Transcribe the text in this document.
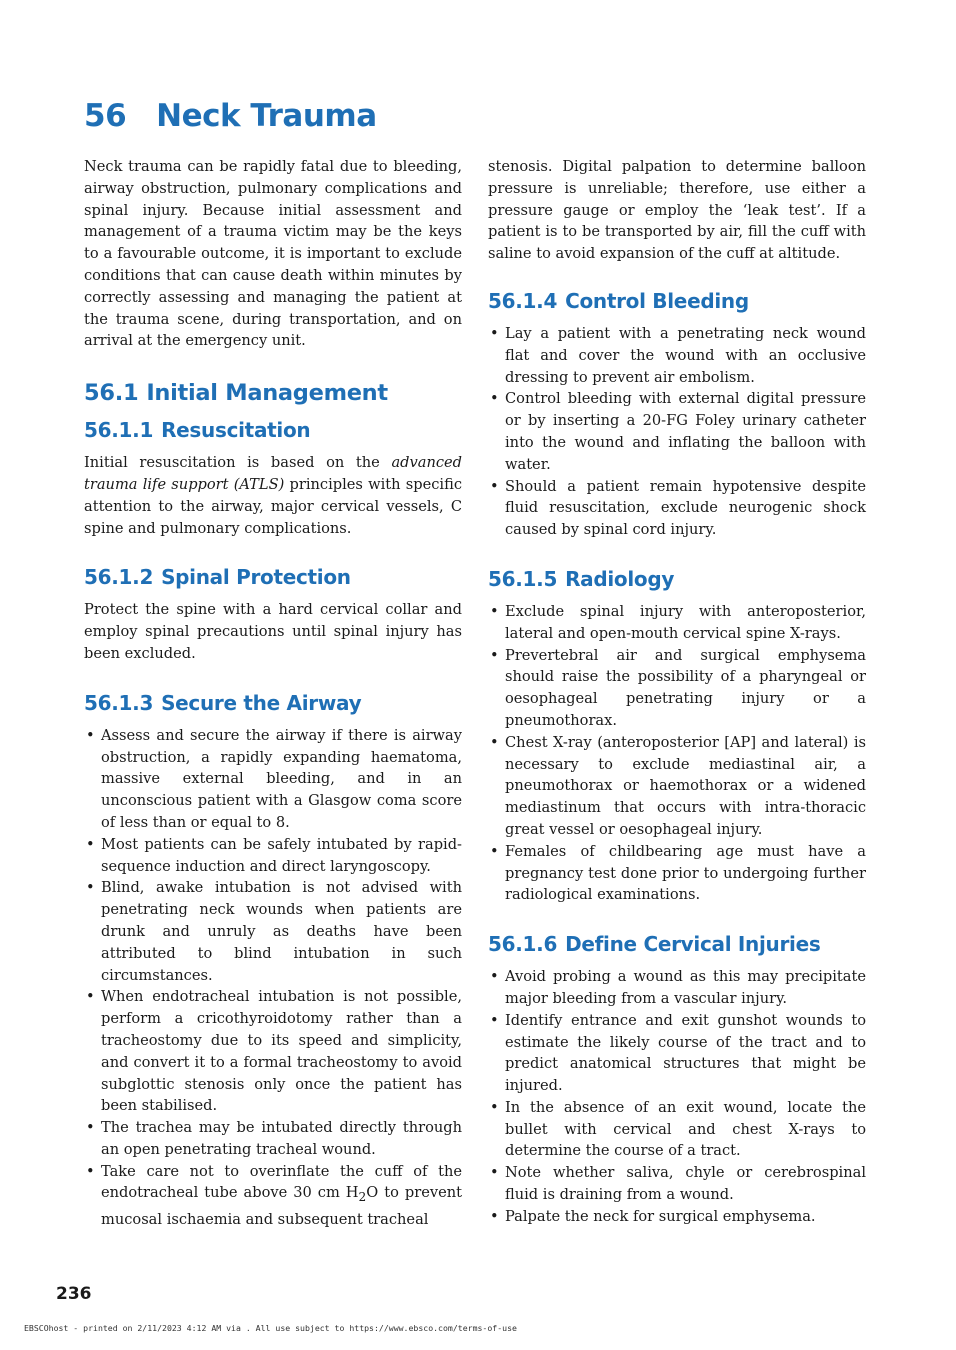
56 Neck Trauma

Neck trauma can be rapidly fatal due to bleeding, airway obstruction, pulmonary complications and spinal injury. Because initial assessment and management of a trauma victim may be the keys to a favourable outcome, it is important to exclude conditions that can cause death within minutes by correctly assessing and managing the patient at the trauma scene, during transportation, and on arrival at the emergency unit.

56.1 Initial Management
56.1.1 Resuscitation

Initial resuscitation is based on the advanced trauma life support (ATLS) principles with specific attention to the airway, major cervical vessels, C spine and pulmonary complications.

56.1.2 Spinal Protection

Protect the spine with a hard cervical collar and employ spinal precautions until spinal injury has been excluded.

56.1.3 Secure the Airway
• Assess and secure the airway if there is airway obstruction, a rapidly expanding haematoma, massive external bleeding, and in an unconscious patient with a Glasgow coma score of less than or equal to 8.
• Most patients can be safely intubated by rapid-sequence induction and direct laryngoscopy.
• Blind, awake intubation is not advised with penetrating neck wounds when patients are drunk and unruly as deaths have been attributed to blind intubation in such circumstances.
• When endotracheal intubation is not possible, perform a cricothyroidotomy rather than a tracheostomy due to its speed and simplicity, and convert it to a formal tracheostomy to avoid subglottic stenosis only once the patient has been stabilised.
• The trachea may be intubated directly through an open penetrating tracheal wound.
• Take care not to overinflate the cuff of the endotracheal tube above 30 cm $H_2O$ to prevent mucosal ischaemia and subsequent tracheal

stenosis. Digital palpation to determine balloon pressure is unreliable; therefore, use either a pressure gauge or employ the ‘leak test’. If a patient is to be transported by air, fill the cuff with saline to avoid expansion of the cuff at altitude.

56.1.4 Control Bleeding
• Lay a patient with a penetrating neck wound flat and cover the wound with an occlusive dressing to prevent air embolism.
• Control bleeding with external digital pressure or by inserting a 20-FG Foley urinary catheter into the wound and inflating the balloon with water.
• Should a patient remain hypotensive despite fluid resuscitation, exclude neurogenic shock caused by spinal cord injury.
56.1.5 Radiology
• Exclude spinal injury with anteroposterior, lateral and open-mouth cervical spine X-rays.
• Prevertebral air and surgical emphysema should raise the possibility of a pharyngeal or oesophageal penetrating injury or a pneumothorax.
• Chest X-ray (anteroposterior [AP] and lateral) is necessary to exclude mediastinal air, a pneumothorax or haemothorax or a widened mediastinum that occurs with intra-thoracic great vessel or oesophageal injury.
• Females of childbearing age must have a pregnancy test done prior to undergoing further radiological examinations.
56.1.6 Define Cervical Injuries
• Avoid probing a wound as this may precipitate major bleeding from a vascular injury.
• Identify entrance and exit gunshot wounds to estimate the likely course of the tract and to predict anatomical structures that might be injured.
• In the absence of an exit wound, locate the bullet with cervical and chest X-rays to determine the course of a tract.
• Note whether saliva, chyle or cerebrospinal fluid is draining from a wound.
• Palpate the neck for surgical emphysema.
236
EBSCOhost - printed on 2/11/2023 4:12 AM via . All use subject to https://www.ebsco.com/terms-of-use
